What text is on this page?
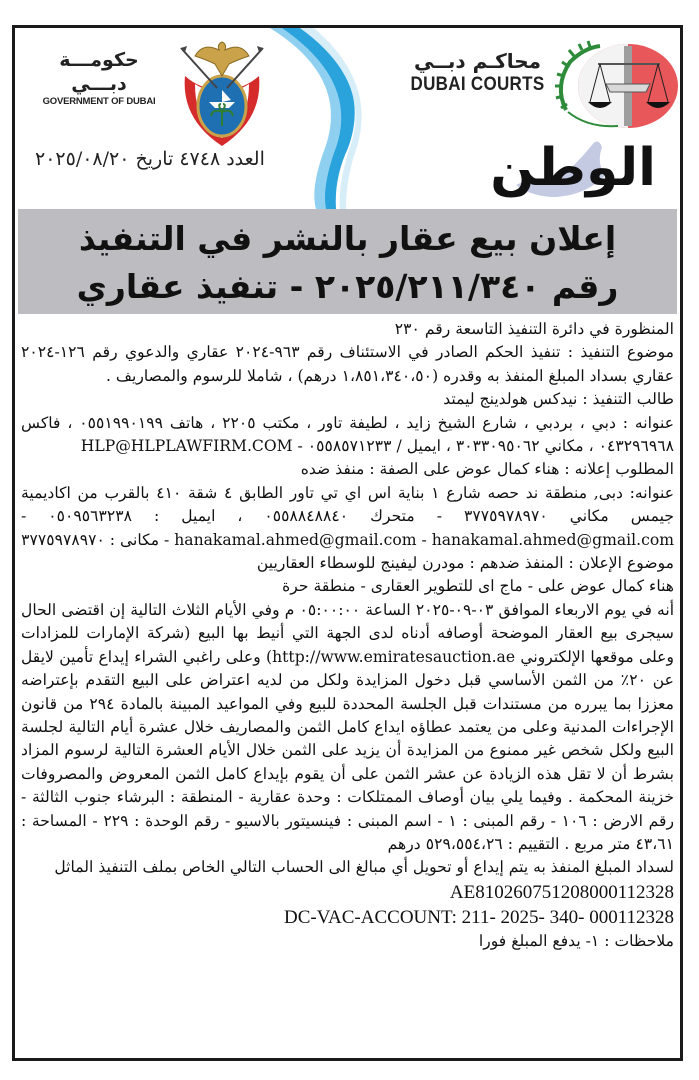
حكومـــة دبـــي
GOVERNMENT OF DUBAI
محاكـم دبــي
DUBAI COURTS
العدد ٤٧٤٨ تاريخ ٢٠٢٥/٠٨/٢٠	الوطن
إعلان بيع عقار بالنشر في التنفيذ
رقم ٢٠٢٥/٢١١/٣٤٠ - تنفيذ عقاري

المنظورة في دائرة التنفيذ التاسعة رقم ٢٣٠

موضوع التنفيذ : تنفيذ الحكم الصادر في الاستئناف رقم ٩٦٣-٢٠٢٤ عقاري والدعوي رقم ١٢٦-٢٠٢٤ عقاري بسداد المبلغ المنفذ به وقدره (١،٨٥١،٣٤٠،٥٠ درهم) ، شاملا للرسوم والمصاريف .

طالب التنفيذ : نيدكس هولدينج ليمتد

عنوانه : دبي ، بردبي ، شارع الشيخ زايد ، لطيفة تاور ، مكتب ٢٢٠٥ ، هاتف ٠٥٥١٩٩٠١٩٩ ، فاكس ٠٤٣٢٩٦٩٦٨ ، مكاني ٣٠٣٣٠٩٥٠٦٢ ، ايميل / ٠٥٥٨٥٧١٢٣٣ - HLP@HLPLAWFIRM.COM

المطلوب إعلانه : هناء كمال عوض على الصفة : منفذ ضده

عنوانه: دبى, منطقة ند حصه شارع ١ بناية اس اي تي تاور الطابق ٤ شقة ٤١٠ بالقرب من اكاديمية جيمس مكاني ٣٧٧٥٩٧٨٩٧٠ - متحرك ٠٥٥٨٨٤٨٨٤٠ ، ايميل : ٠٥٠٩٥٦٣٢٣٨ - hanakamal.ahmed@gmail.com - hanakamal.ahmed@gmail.com - مكانى : ٣٧٧٥٩٧٨٩٧٠

موضوع الإعلان : المنفذ ضدهم : مودرن ليفينج للوسطاء العقاريين

هناء كمال عوض على - ماج اى للتطوير العقارى - منطقة حرة

أنه في يوم الاربعاء الموافق ٠٣-٠٩-٢٠٢٥ الساعة ٠٥:٠٠:٠٠ م وفي الأيام الثلاث التالية إن اقتضى الحال سيجرى بيع العقار الموضحة أوصافه أدناه لدى الجهة التي أنيط بها البيع (شركة الإمارات للمزادات وعلى موقعها الإلكتروني http://www.emiratesauction.ae) وعلى راغبي الشراء إيداع تأمين لايقل عن ٢٠٪ من الثمن الأساسي قبل دخول المزايدة ولكل من لديه اعتراض على البيع التقدم بإعتراضه معززا بما يبرره من مستندات قبل الجلسة المحددة للبيع وفي المواعيد المبينة بالمادة ٢٩٤ من قانون الإجراءات المدنية وعلى من يعتمد عطاؤه ايداع كامل الثمن والمصاريف خلال عشرة أيام التالية لجلسة البيع ولكل شخص غير ممنوع من المزايدة أن يزيد على الثمن خلال الأيام العشرة التالية لرسوم المزاد بشرط أن لا تقل هذه الزيادة عن عشر الثمن على أن يقوم بإيداع كامل الثمن المعروض والمصروفات خزينة المحكمة . وفيما يلي بيان أوصاف الممتلكات : وحدة عقارية - المنطقة : البرشاء جنوب الثالثة - رقم الارض : ١٠٦ - رقم المبنى : ١ - اسم المبنى : فينسيتور بالاسيو - رقم الوحدة : ٢٢٩ - المساحة : ٤٣،٦١ متر مربع . التقييم : ٥٢٩،٥٥٤،٢٦ درهم

لسداد المبلغ المنفذ به يتم إيداع أو تحويل أي مبالغ الى الحساب التالي الخاص بملف التنفيذ الماثل

AE810260751208000112328

DC-VAC-ACCOUNT: 211- 2025- 340- 000112328

ملاحظات : ١- يدفع المبلغ فورا
